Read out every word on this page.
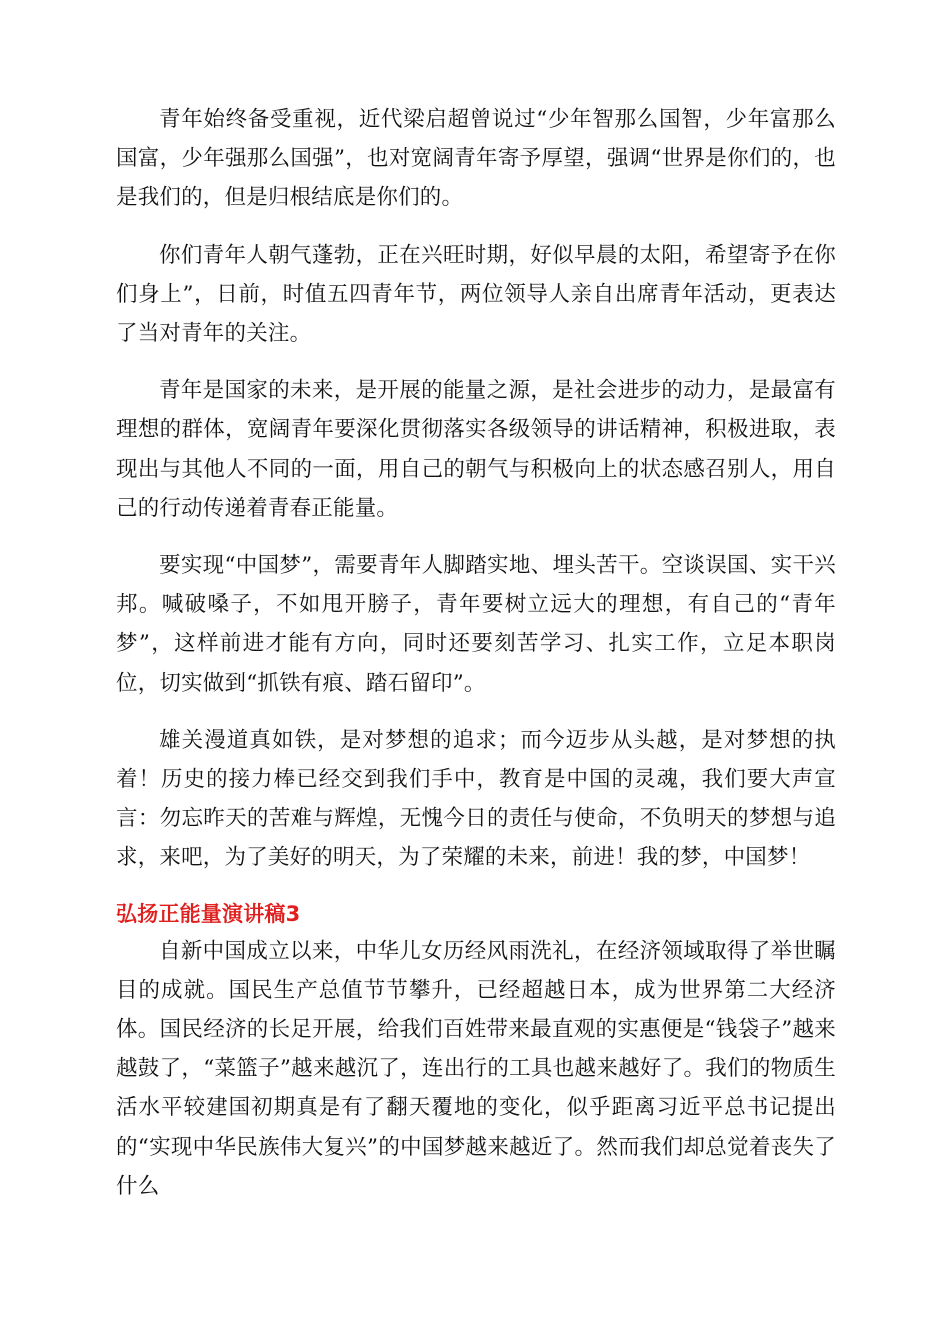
青年始终备受重视，近代梁启超曾说过“少年智那么国智，少年富那么国富，少年强那么国强”，也对宽阔青年寄予厚望，强调“世界是你们的，也是我们的，但是归根结底是你们的。

你们青年人朝气蓬勃，正在兴旺时期，好似早晨的太阳，希望寄予在你们身上”，日前，时值五四青年节，两位领导人亲自出席青年活动，更表达了当对青年的关注。

青年是国家的未来，是开展的能量之源，是社会进步的动力，是最富有理想的群体，宽阔青年要深化贯彻落实各级领导的讲话精神，积极进取，表现出与其他人不同的一面，用自己的朝气与积极向上的状态感召别人，用自己的行动传递着青春正能量。

要实现“中国梦”，需要青年人脚踏实地、埋头苦干。空谈误国、实干兴邦。喊破嗓子，不如甩开膀子，青年要树立远大的理想，有自己的“青年梦”，这样前进才能有方向，同时还要刻苦学习、扎实工作，立足本职岗位，切实做到“抓铁有痕、踏石留印”。

雄关漫道真如铁，是对梦想的追求；而今迈步从头越，是对梦想的执着！历史的接力棒已经交到我们手中，教育是中国的灵魂，我们要大声宣言：勿忘昨天的苦难与辉煌，无愧今日的责任与使命，不负明天的梦想与追求，来吧，为了美好的明天，为了荣耀的未来，前进！我的梦，中国梦！

弘扬正能量演讲稿3

自新中国成立以来，中华儿女历经风雨洗礼，在经济领域取得了举世瞩目的成就。国民生产总值节节攀升，已经超越日本，成为世界第二大经济体。国民经济的长足开展，给我们百姓带来最直观的实惠便是“钱袋子”越来越鼓了，“菜篮子”越来越沉了，连出行的工具也越来越好了。我们的物质生活水平较建国初期真是有了翻天覆地的变化，似乎距离习近平总书记提出的“实现中华民族伟大复兴”的中国梦越来越近了。然而我们却总觉着丧失了什么
